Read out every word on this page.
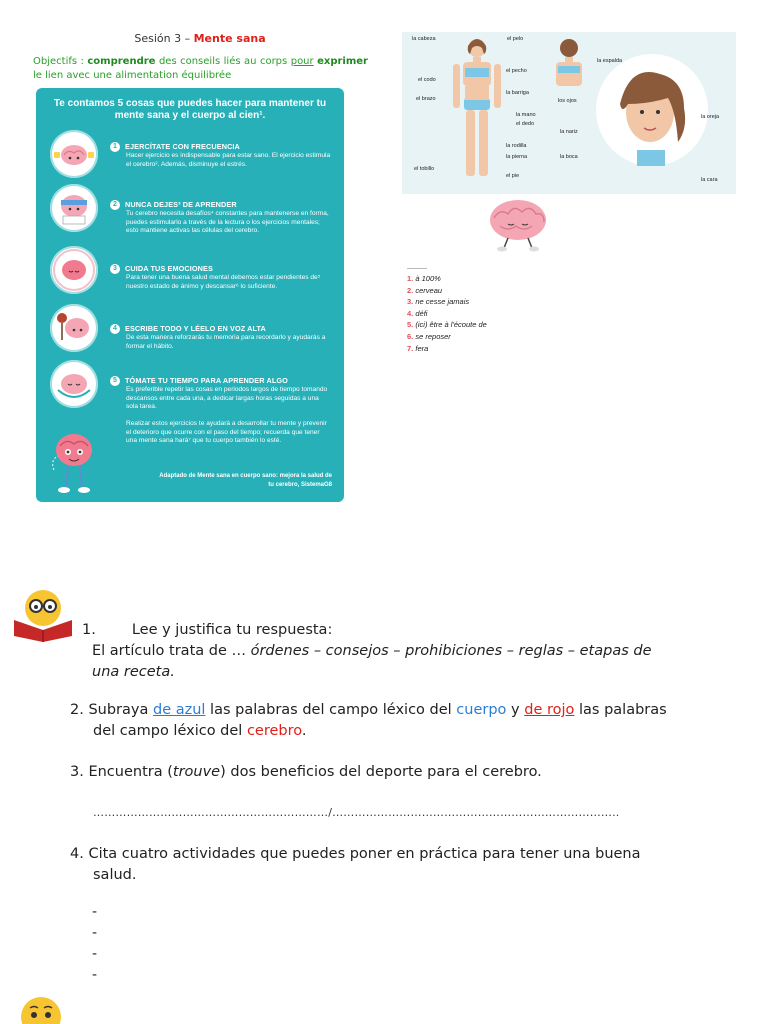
Sesión 3 – Mente sana
Objectifs : comprendre des conseils liés au corps pour exprimer le lien avec une alimentation équilibrée
Te contamos 5 cosas que puedes hacer para mantener tu mente sana y el cuerpo al cien¹.
1	EJERCÍTATE CON FRECUENCIA
Hacer ejercicio es indispensable para estar sano. El ejercicio estimula el cerebro². Además, disminuye el estrés.
2	NUNCA DEJES³ DE APRENDER
Tu cerebro necesita desafíos⁴ constantes para mantenerse en forma, puedes estimularlo a través de la lectura o los ejercicios mentales; esto mantiene activas las células del cerebro.
3	CUIDA TUS EMOCIONES
Para tener una buena salud mental debemos estar pendientes de⁵ nuestro estado de ánimo y descansar⁶ lo suficiente.
4	ESCRIBE TODO Y LÉELO EN VOZ ALTA
De esta manera reforzarás tu memoria para recordarlo y ayudarás a formar el hábito.
5	TÓMATE TU TIEMPO PARA APRENDER ALGO
Es preferible repetir las cosas en periodos largos de tiempo tomando descansos entre cada una, a dedicar largas horas seguidas a una sola tarea.
Realizar estos ejercicios te ayudará a desarrollar tu mente y prevenir el deterioro que ocurre con el paso del tiempo; recuerda que tener una mente sana hará⁷ que tu cuerpo también lo esté.
Adaptado de Mente sana en cuerpo sano: mejora la salud de tu cerebro, SistemaG8
la cabeza	el pelo
el codo
el pecho
el brazo
la barriga
la mano
el dedo
la rodilla
la pierna
el tobillo
el pie
la espalda
los ojos
la oreja
la nariz
la boca
la cara
1. à 100%
2. cerveau
3. ne cesse jamais
4. défi
5. (ici) être à l'écoute de
6. se reposer
7. fera
1. Lee y justifica tu respuesta:
El artículo trata de … órdenes – consejos – prohibiciones – reglas – etapas de
una receta.
2. Subraya de azul las palabras del campo léxico del cuerpo y de rojo las palabras
del campo léxico del cerebro.
3. Encuentra (trouve) dos beneficios del deporte para el cerebro.
………………………………………………………/…………………………………………………………………..
4. Cita cuatro actividades que puedes poner en práctica para tener una buena
salud.
-
-
-
-
